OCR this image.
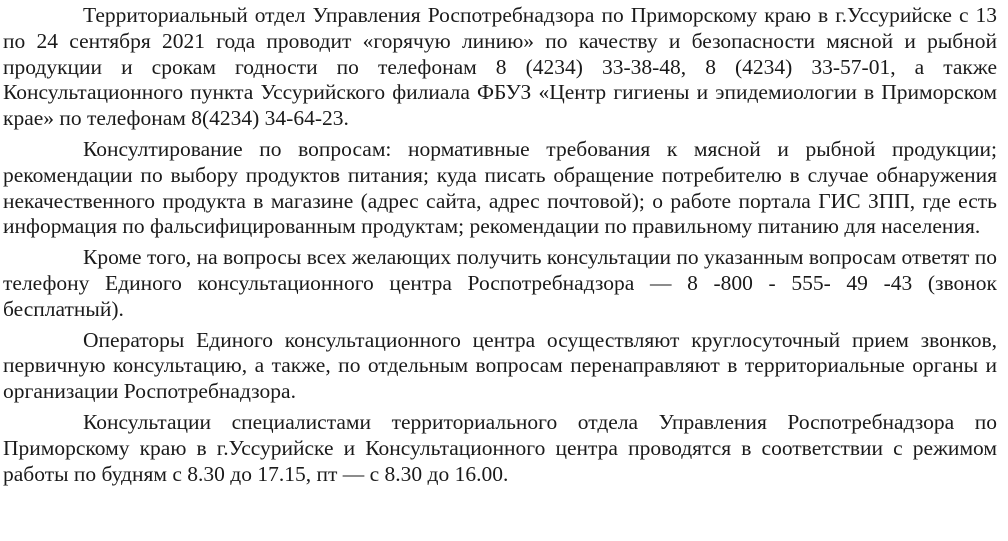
Территориальный отдел Управления Роспотребнадзора по Приморскому краю в г.Уссурийске с 13 по 24 сентября 2021 года проводит «горячую линию» по качеству и безопасности мясной и рыбной продукции и срокам годности по телефонам 8 (4234) 33-38-48, 8 (4234) 33-57-01, а также Консультационного пункта Уссурийского филиала ФБУЗ «Центр гигиены и эпидемиологии в Приморском крае» по телефонам 8(4234) 34-64-23.

Консултирование по вопросам: нормативные требования к мясной и рыбной продукции; рекомендации по выбору продуктов питания; куда писать обращение потребителю в случае обнаружения некачественного продукта в магазине (адрес сайта, адрес почтовой); о работе портала ГИС ЗПП, где есть информация по фальсифицированным продуктам; рекомендации по правильному питанию для населения.

Кроме того, на вопросы всех желающих получить консультации по указанным вопросам ответят по телефону Единого консультационного центра Роспотребнадзора — 8 -800 - 555- 49 -43 (звонок бесплатный).

Операторы Единого консультационного центра осуществляют круглосуточный прием звонков, первичную консультацию, а также, по отдельным вопросам перенаправляют в территориальные органы и организации Роспотребнадзора.

Консультации специалистами территориального отдела Управления Роспотребнадзора по Приморскому краю в г.Уссурийске и Консультационного центра проводятся в соответствии с режимом работы по будням с 8.30 до 17.15, пт — с 8.30 до 16.00.
